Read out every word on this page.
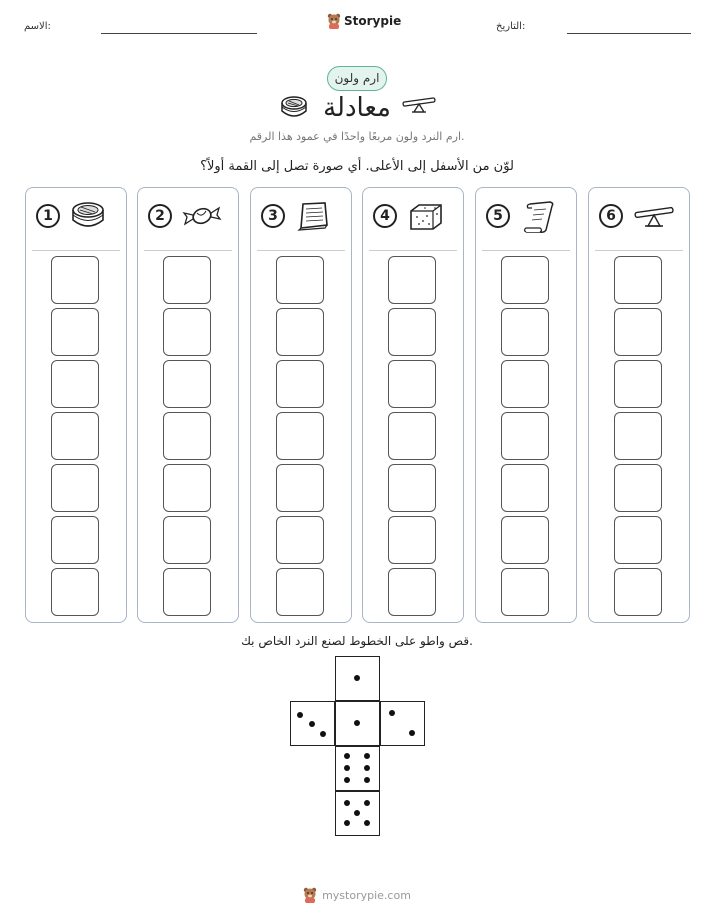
الاسم:	Storypie	التاريخ:
ارم ولون
معادلة
ارم النرد ولون مربعًا واحدًا في عمود هذا الرقم.
لوّن من الأسفل إلى الأعلى. أي صورة تصل إلى القمة أولاً؟
1	2	3	4	5	6
قص واطو على الخطوط لصنع النرد الخاص بك.
mystorypie.com
